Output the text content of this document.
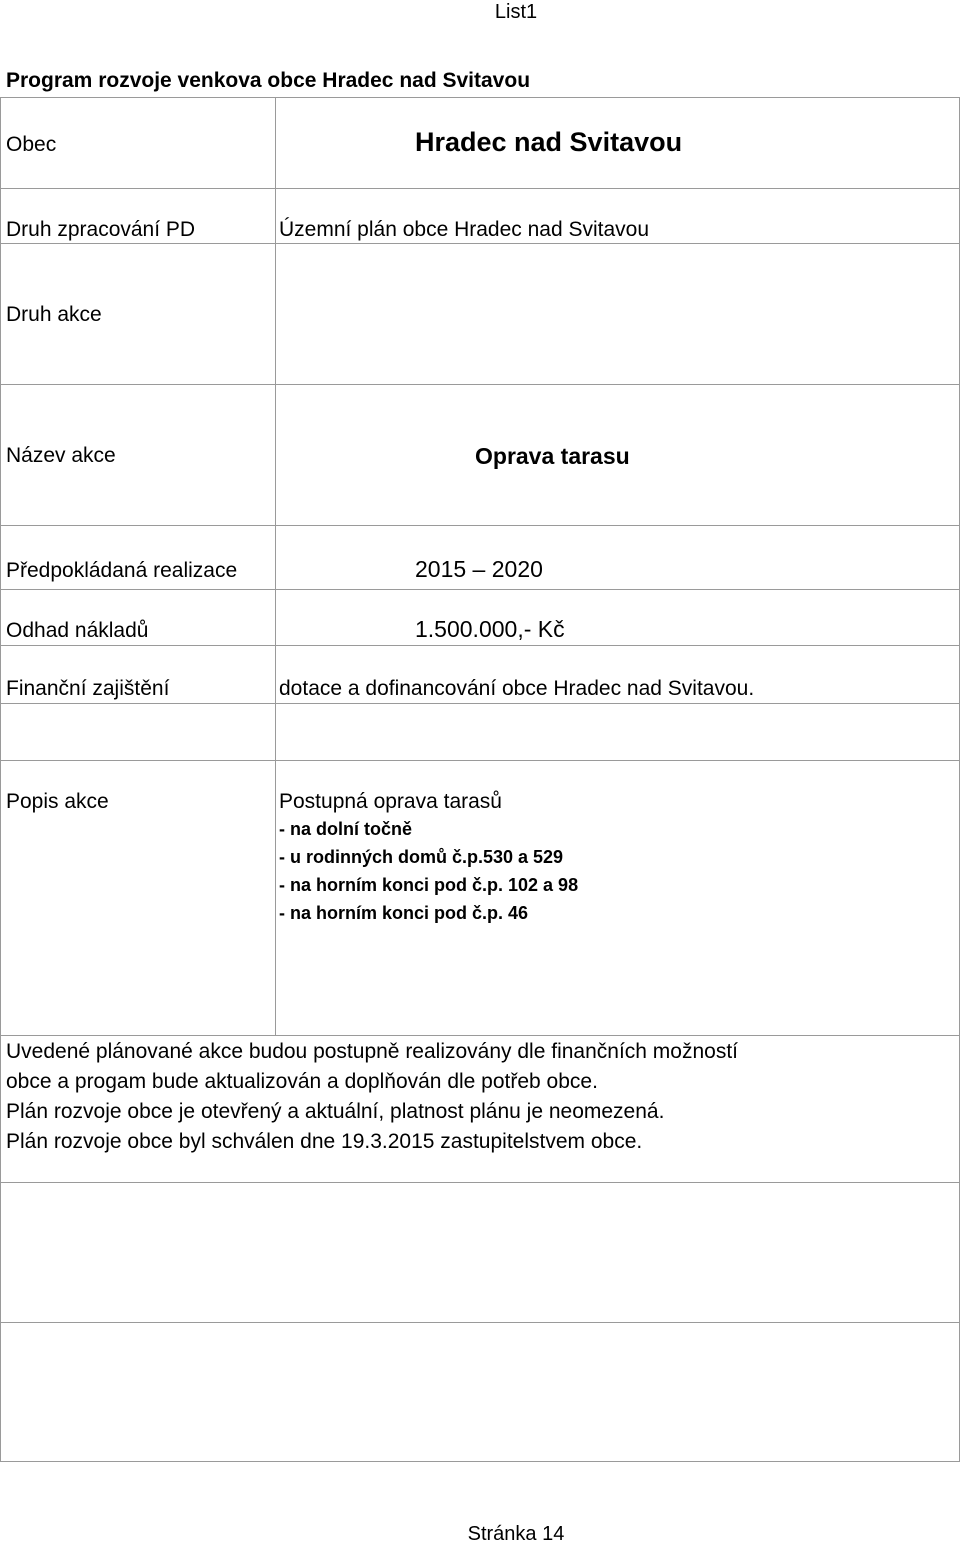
List1
Program rozvoje venkova obce Hradec nad Svitavou
Obec	Hradec nad Svitavou
Druh zpracování PD	Územní plán obce Hradec nad Svitavou
Druh akce
Název akce	Oprava tarasu
Předpokládaná realizace	2015 – 2020
Odhad nákladů	1.500.000,- Kč
Finanční zajištění	dotace a dofinancování obce Hradec nad Svitavou.
Popis akce	Postupná oprava tarasů
- na dolní točně
- u rodinných domů č.p.530 a 529
- na horním konci pod č.p. 102 a 98
- na horním konci pod č.p. 46
Uvedené plánované akce budou postupně realizovány dle finančních možností
obce a progam bude aktualizován a doplňován dle potřeb obce.
Plán rozvoje obce je otevřený a aktuální, platnost plánu je neomezená.
Plán rozvoje obce byl schválen dne 19.3.2015 zastupitelstvem obce.
Stránka 14
